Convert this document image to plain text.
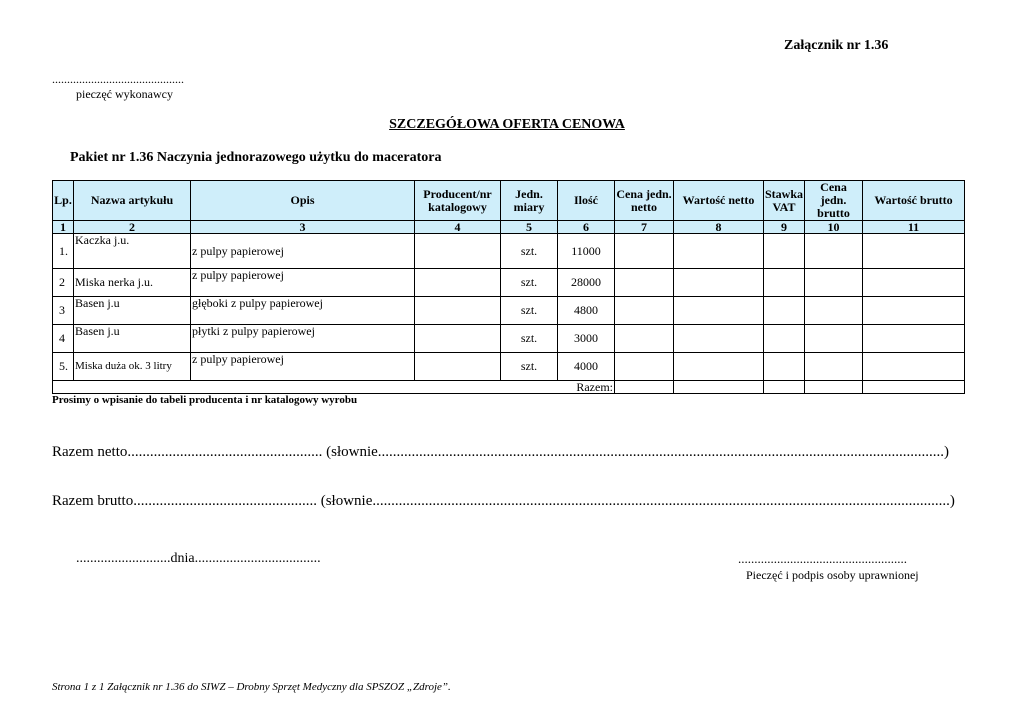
Załącznik nr 1.36
............................................
pieczęć wykonawcy
SZCZEGÓŁOWA OFERTA CENOWA
Pakiet nr 1.36 Naczynia jednorazowego użytku do maceratora
Lp.	Nazwa artykułu	Opis	Producent/nr katalogowy	Jedn. miary	Ilość	Cena jedn. netto	Wartość netto	Stawka VAT	Cena jedn. brutto	Wartość brutto
1	2	3	4	5	6	7	8	9	10	11
1.	Kaczka j.u.	z pulpy papierowej		szt.	11000					
2	Miska nerka j.u.	z pulpy papierowej		szt.	28000					
3	Basen j.u	głęboki z pulpy papierowej		szt.	4800					
4	Basen j.u	płytki z pulpy papierowej		szt.	3000					
5.	Miska duża ok. 3 litry	z pulpy papierowej		szt.	4000					
Razem:										
Prosimy o wpisanie do tabeli producenta i nr katalogowy wyrobu
Razem netto.................................................... (słownie.......................................................................................................................................................)
Razem brutto................................................. (słownie..........................................................................................................................................................)
...........................dnia....................................	....................................................
Pieczęć i podpis osoby uprawnionej
Strona 1 z 1 Załącznik nr 1.36 do SIWZ – Drobny Sprzęt Medyczny dla SPSZOZ „Zdroje”.
